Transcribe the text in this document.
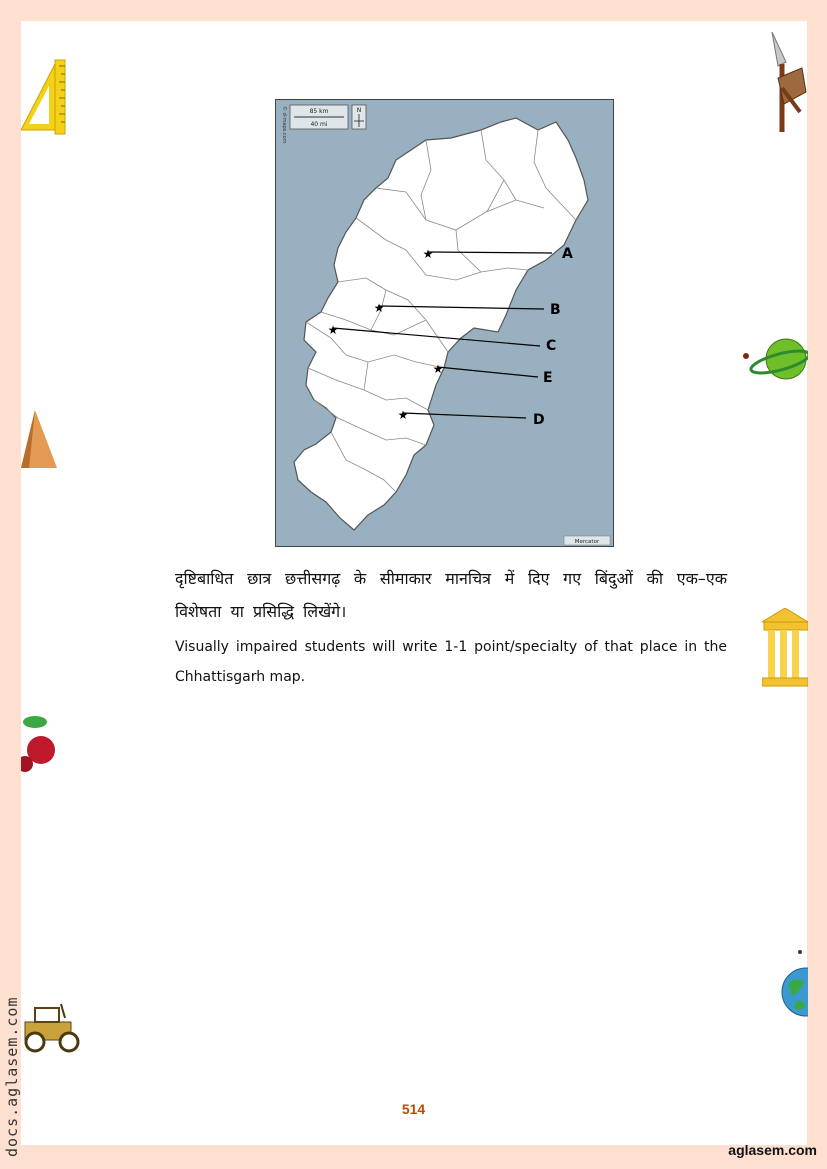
85 km
40 mi
N
© d-maps.com
Mercator
★
★
★
★
★
A
B
C
E
D
दृष्टिबाधित छात्र छत्तीसगढ़ के सीमाकार मानचित्र में दिए गए बिंदुओं की एक–एक विशेषता या प्रसिद्धि लिखेंगे।
Visually impaired students will write 1-1 point/specialty of that place in the Chhattisgarh map.
514
aglasem.com
docs.aglasem.com
